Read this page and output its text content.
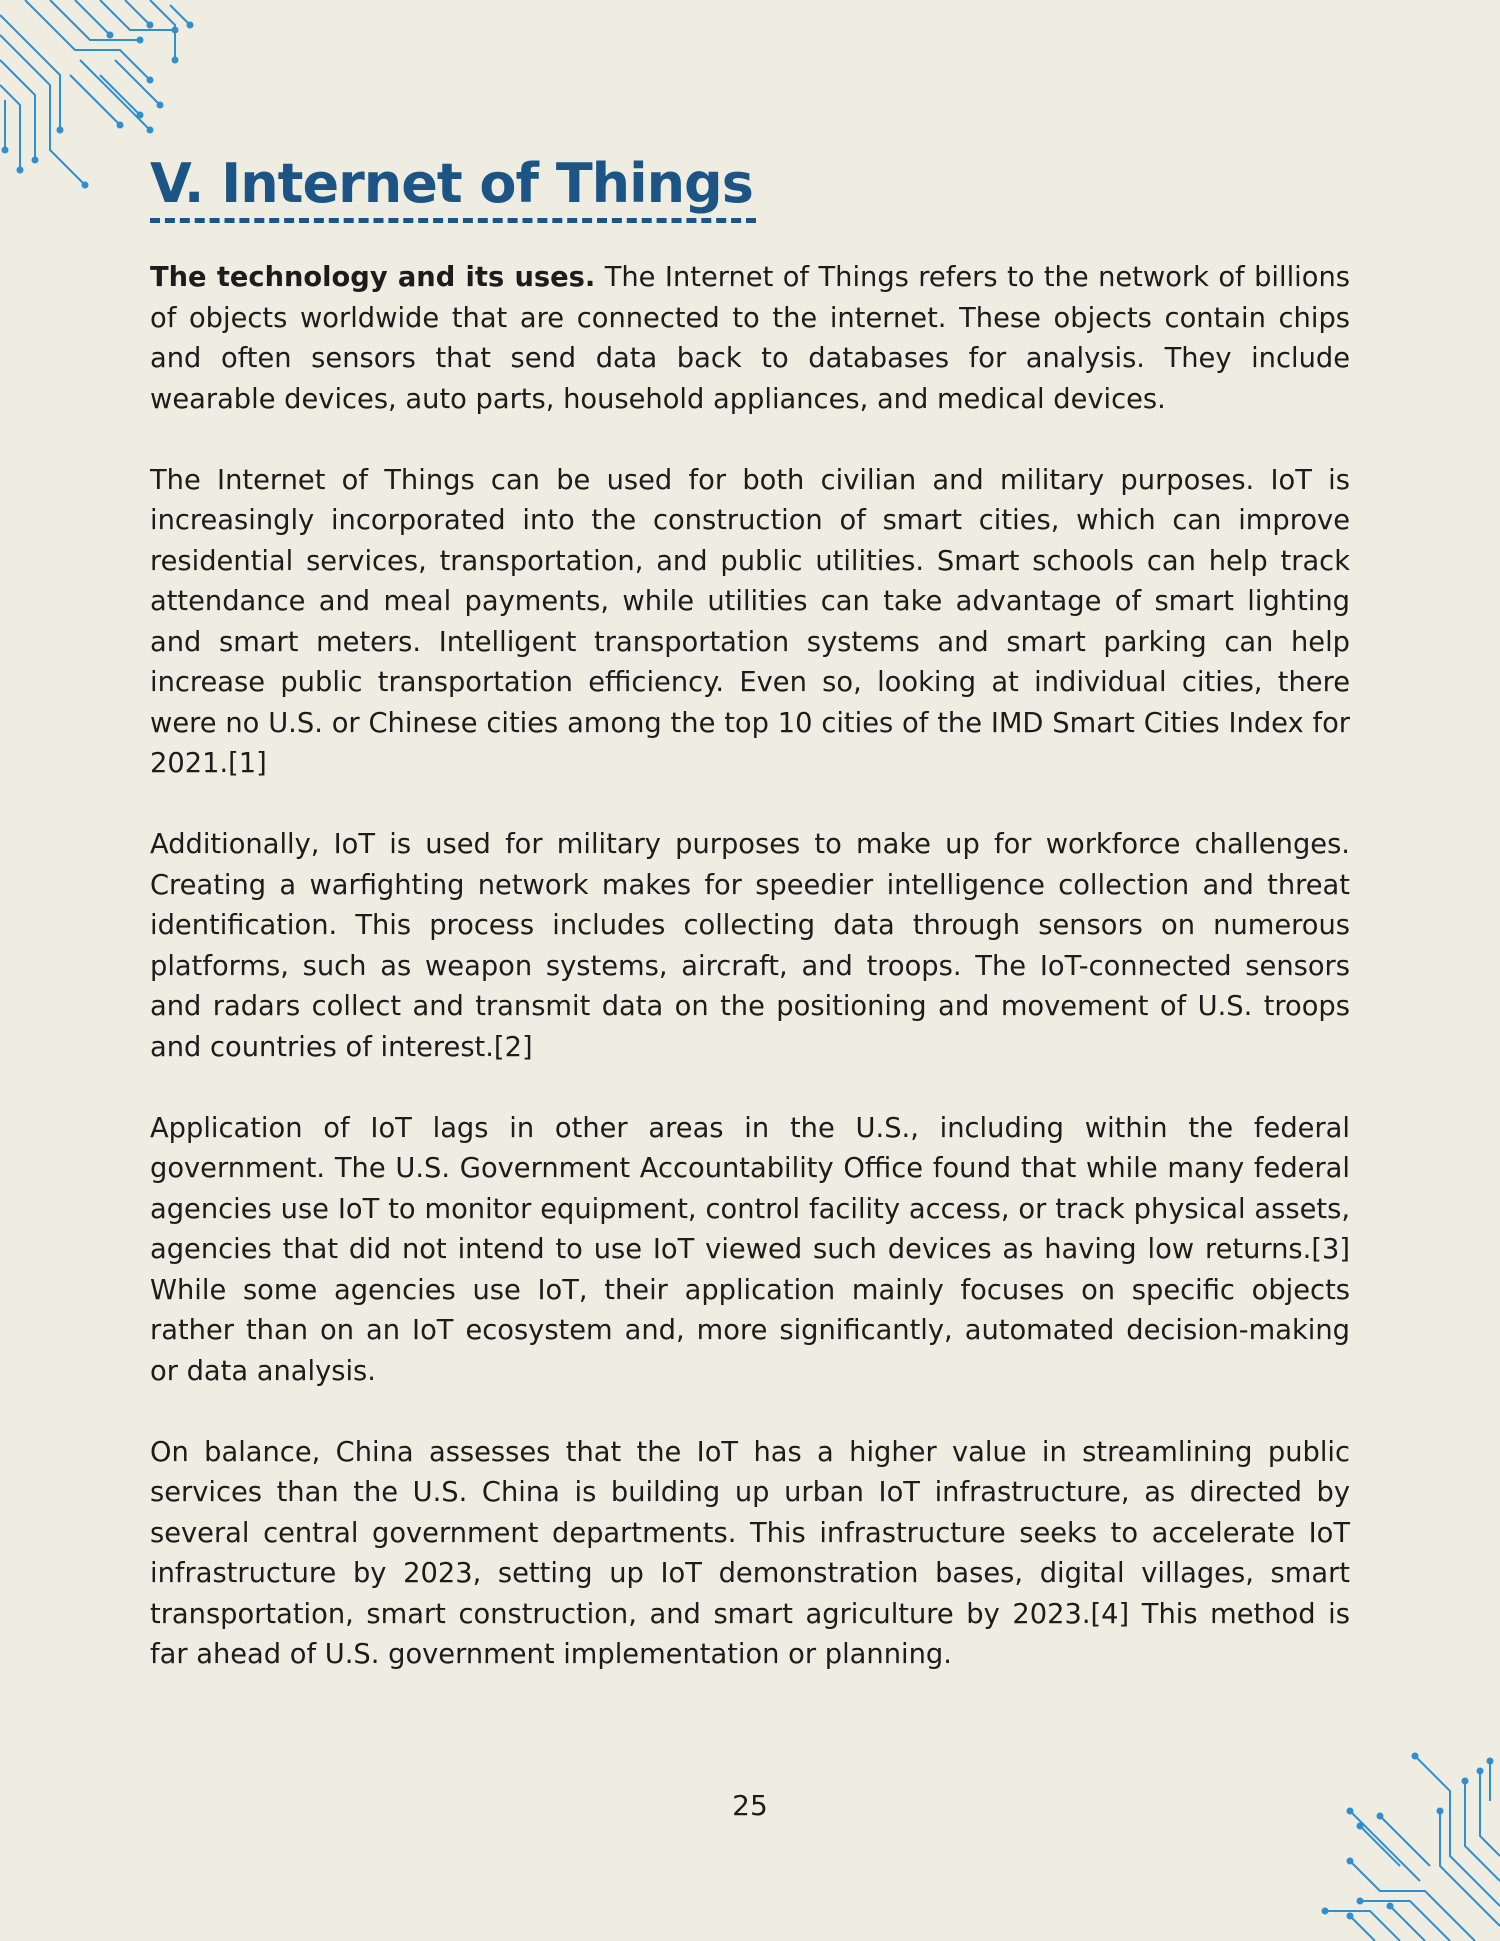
V. Internet of Things

The technology and its uses. The Internet of Things refers to the network of billions of objects worldwide that are connected to the internet. These objects contain chips and often sensors that send data back to databases for analysis. They include wearable devices, auto parts, household appliances, and medical devices.

The Internet of Things can be used for both civilian and military purposes. IoT is increasingly incorporated into the construction of smart cities, which can improve residential services, transportation, and public utilities. Smart schools can help track attendance and meal payments, while utilities can take advantage of smart lighting and smart meters. Intelligent transportation systems and smart parking can help increase public transportation efficiency. Even so, looking at individual cities, there were no U.S. or Chinese cities among the top 10 cities of the IMD Smart Cities Index for 2021.[1]

Additionally, IoT is used for military purposes to make up for workforce challenges. Creating a warfighting network makes for speedier intelligence collection and threat identification. This process includes collecting data through sensors on numerous platforms, such as weapon systems, aircraft, and troops. The IoT-connected sensors and radars collect and transmit data on the positioning and movement of U.S. troops and countries of interest.[2]

Application of IoT lags in other areas in the U.S., including within the federal government. The U.S. Government Accountability Office found that while many federal agencies use IoT to monitor equipment, control facility access, or track physical assets, agencies that did not intend to use IoT viewed such devices as having low returns.[3] While some agencies use IoT, their application mainly focuses on specific objects rather than on an IoT ecosystem and, more significantly, automated decision-making or data analysis.

On balance, China assesses that the IoT has a higher value in streamlining public services than the U.S. China is building up urban IoT infrastructure, as directed by several central government departments. This infrastructure seeks to accelerate IoT infrastructure by 2023, setting up IoT demonstration bases, digital villages, smart transportation, smart construction, and smart agriculture by 2023.[4] This method is far ahead of U.S. government implementation or planning.

25
